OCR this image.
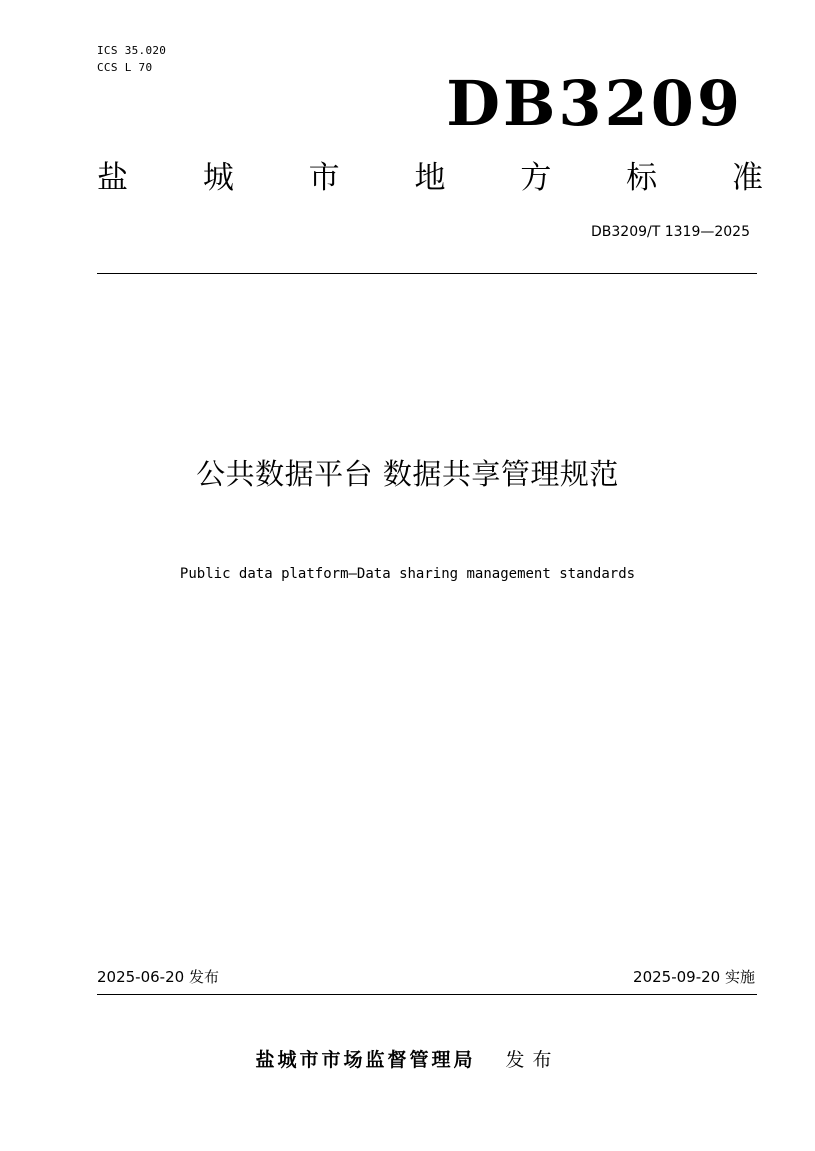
ICS 35.020
CCS L 70	DB3209
盐 城 市 地 方 标 准
DB3209/T 1319—2025
公共数据平台 数据共享管理规范
Public data platform—Data sharing management standards
2025-06-20 发布	2025-09-20 实施
盐城市市场监督管理局 发布
